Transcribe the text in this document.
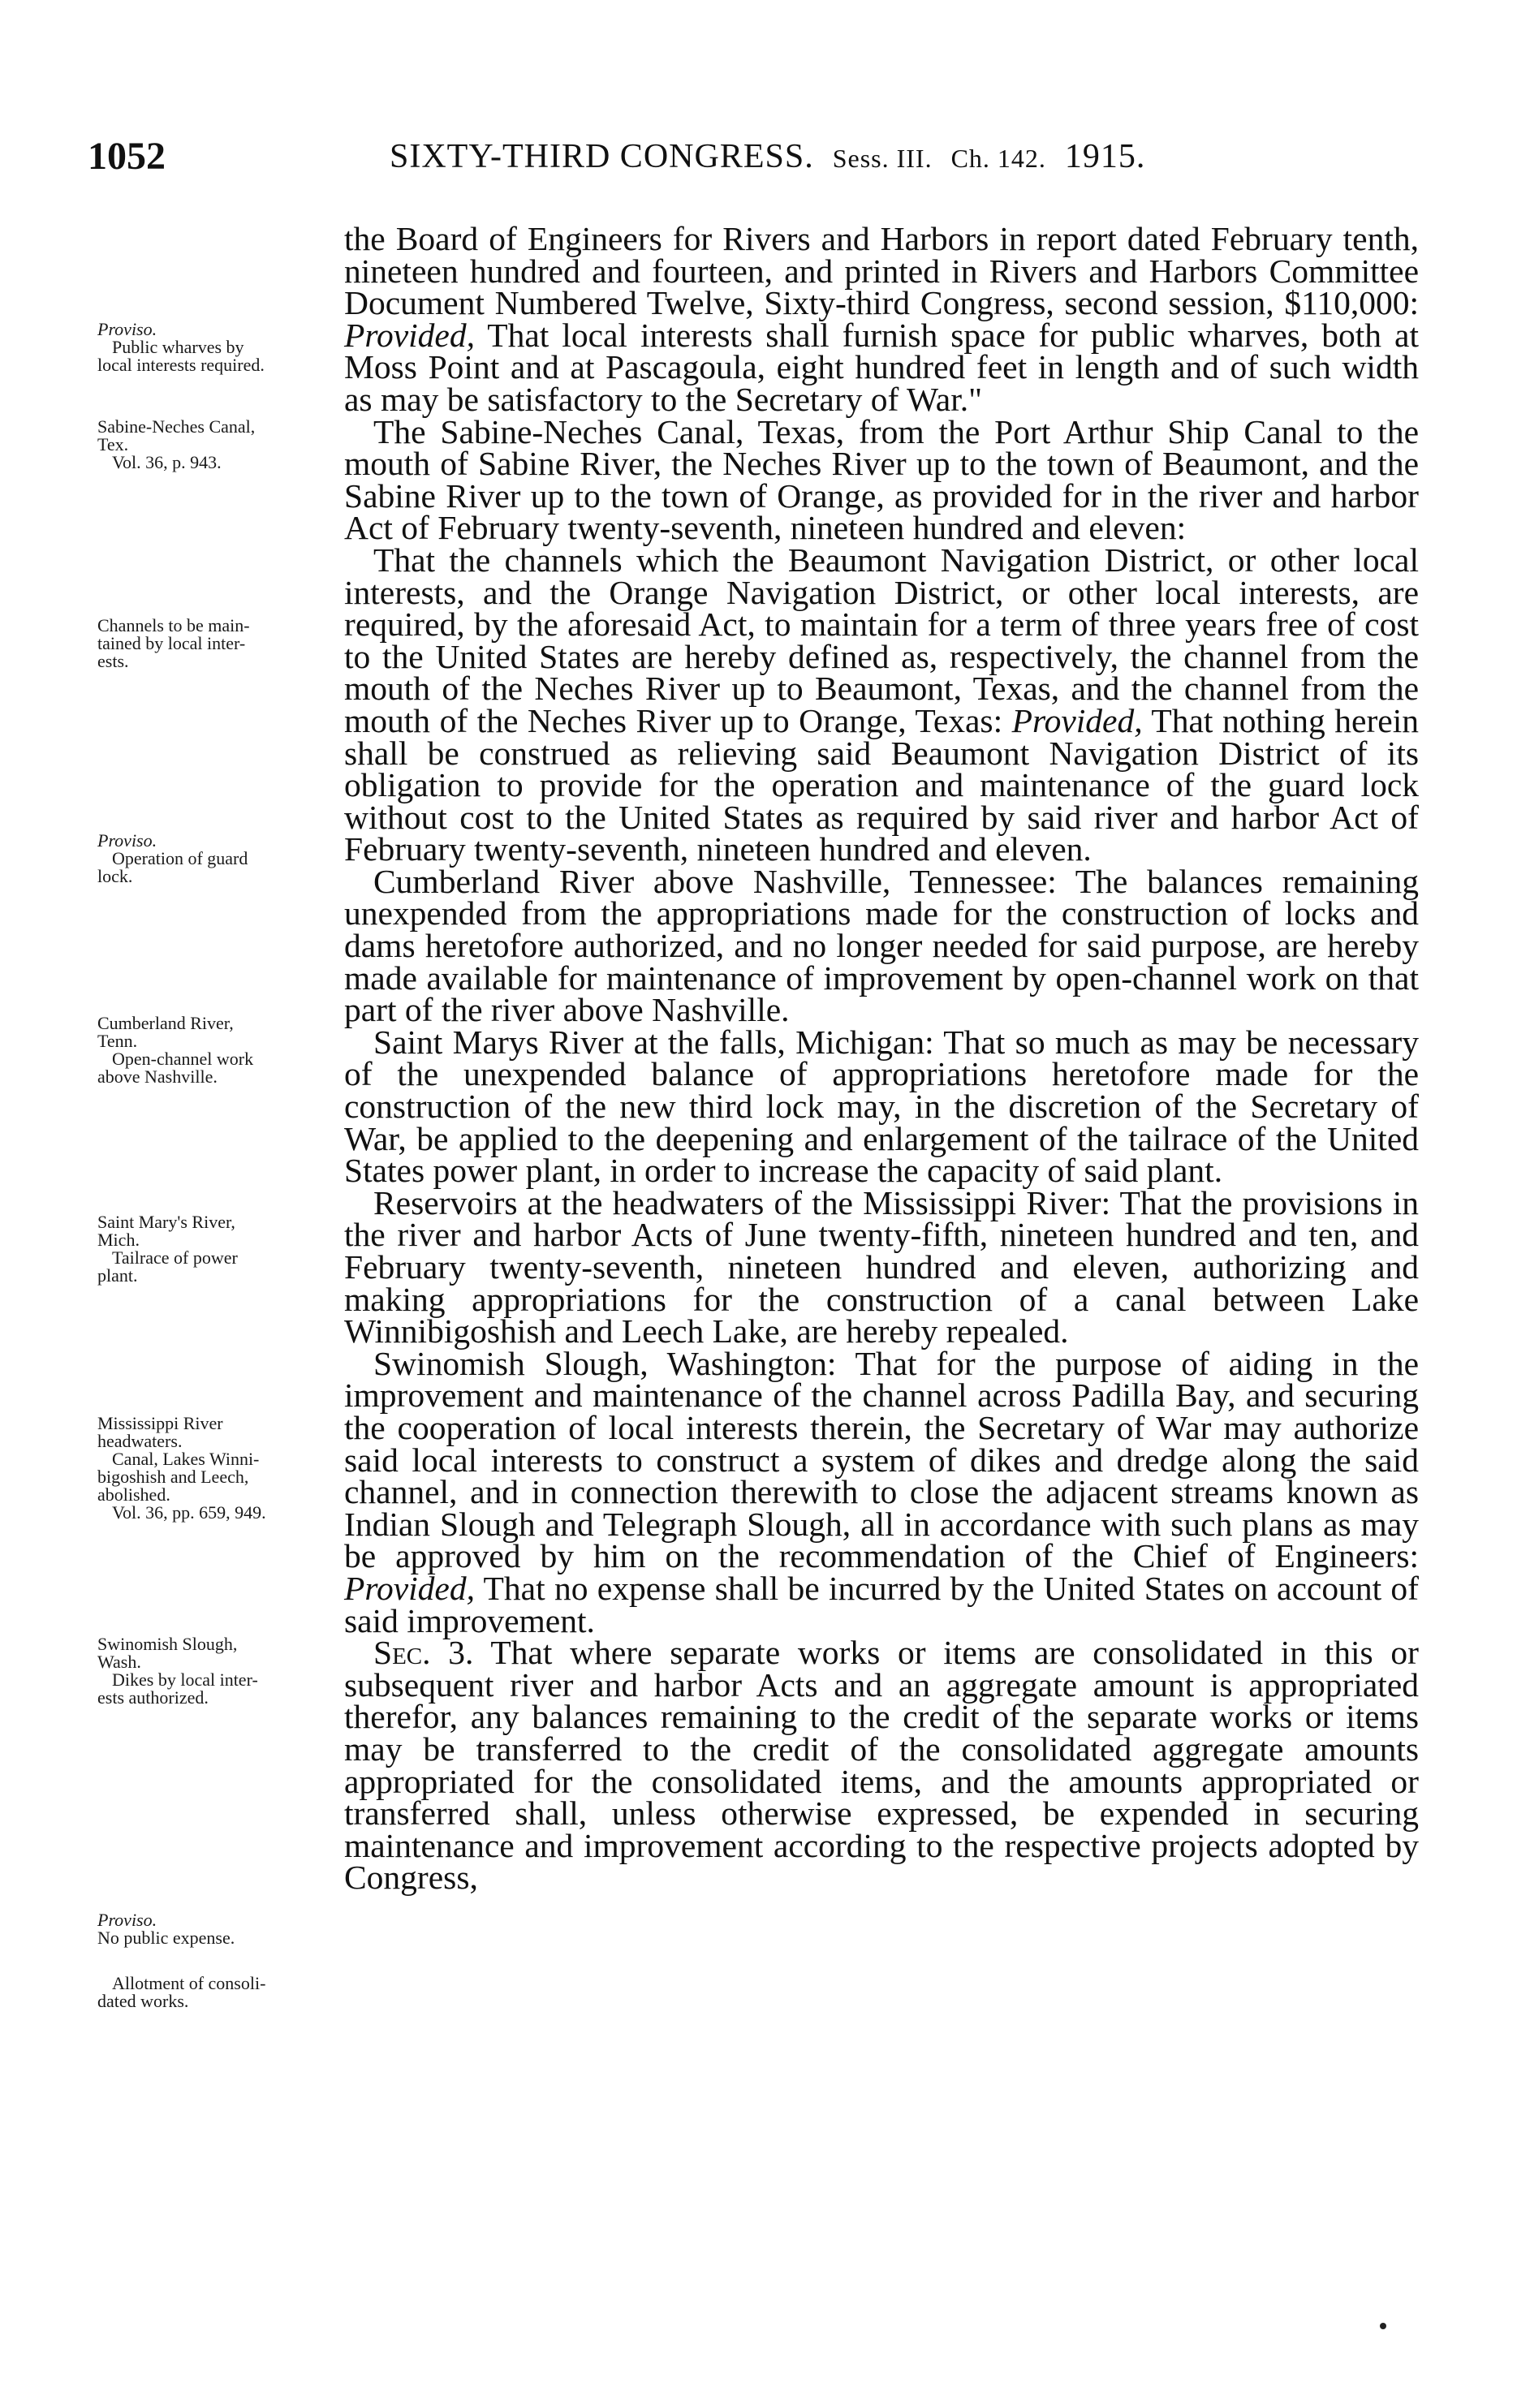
1052	SIXTY-THIRD CONGRESS. Sess. III. Ch. 142. 1915.
Proviso.
Public wharves by
local interests required.
Sabine-Neches Canal,
Tex.
Vol. 36, p. 943.
Channels to be main-
tained by local inter-
ests.
Proviso.
Operation of guard
lock.
Cumberland River,
Tenn.
Open-channel work
above Nashville.
Saint Mary's River,
Mich.
Tailrace of power
plant.
Mississippi River
headwaters.
Canal, Lakes Winni-
bigoshish and Leech,
abolished.
Vol. 36, pp. 659, 949.
Swinomish Slough,
Wash.
Dikes by local inter-
ests authorized.
Proviso.
No public expense.
Allotment of consoli-
dated works.

the Board of Engineers for Rivers and Harbors in report dated February tenth, nineteen hundred and fourteen, and printed in Rivers and Harbors Committee Document Numbered Twelve, Sixty-third Congress, second session, $110,000: Provided, That local interests shall furnish space for public wharves, both at Moss Point and at Pascagoula, eight hundred feet in length and of such width as may be satisfactory to the Secretary of War."

The Sabine-Neches Canal, Texas, from the Port Arthur Ship Canal to the mouth of Sabine River, the Neches River up to the town of Beaumont, and the Sabine River up to the town of Orange, as provided for in the river and harbor Act of February twenty-seventh, nineteen hundred and eleven:

That the channels which the Beaumont Navigation District, or other local interests, and the Orange Navigation District, or other local interests, are required, by the aforesaid Act, to maintain for a term of three years free of cost to the United States are hereby defined as, respectively, the channel from the mouth of the Neches River up to Beaumont, Texas, and the channel from the mouth of the Neches River up to Orange, Texas: Provided, That nothing herein shall be construed as relieving said Beaumont Navigation District of its obligation to provide for the operation and maintenance of the guard lock without cost to the United States as required by said river and harbor Act of February twenty-seventh, nineteen hundred and eleven.

Cumberland River above Nashville, Tennessee: The balances remaining unexpended from the appropriations made for the construction of locks and dams heretofore authorized, and no longer needed for said purpose, are hereby made available for maintenance of improvement by open-channel work on that part of the river above Nashville.

Saint Marys River at the falls, Michigan: That so much as may be necessary of the unexpended balance of appropriations heretofore made for the construction of the new third lock may, in the discretion of the Secretary of War, be applied to the deepening and enlargement of the tailrace of the United States power plant, in order to increase the capacity of said plant.

Reservoirs at the headwaters of the Mississippi River: That the provisions in the river and harbor Acts of June twenty-fifth, nineteen hundred and ten, and February twenty-seventh, nineteen hundred and eleven, authorizing and making appropriations for the construction of a canal between Lake Winnibigoshish and Leech Lake, are hereby repealed.

Swinomish Slough, Washington: That for the purpose of aiding in the improvement and maintenance of the channel across Padilla Bay, and securing the cooperation of local interests therein, the Secretary of War may authorize said local interests to construct a system of dikes and dredge along the said channel, and in connection therewith to close the adjacent streams known as Indian Slough and Telegraph Slough, all in accordance with such plans as may be approved by him on the recommendation of the Chief of Engineers: Provided, That no expense shall be incurred by the United States on account of said improvement.

Sec. 3. That where separate works or items are consolidated in this or subsequent river and harbor Acts and an aggregate amount is appropriated therefor, any balances remaining to the credit of the separate works or items may be transferred to the credit of the consolidated aggregate amounts appropriated for the consolidated items, and the amounts appropriated or transferred shall, unless otherwise expressed, be expended in securing maintenance and improvement according to the respective projects adopted by Congress,
